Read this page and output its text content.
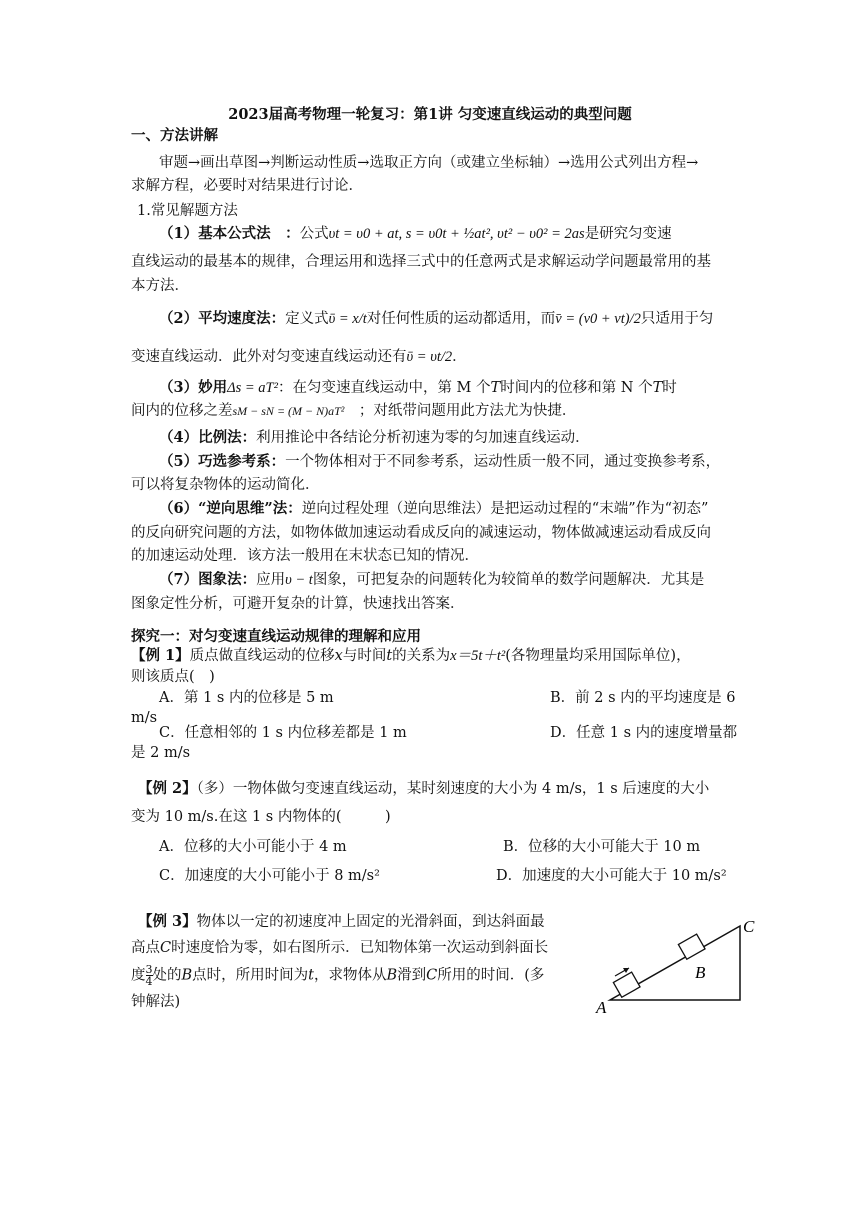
2023届高考物理一轮复习：第1讲 匀变速直线运动的典型问题
一、方法讲解
审题→画出草图→判断运动性质→选取正方向（或建立坐标轴）→选用公式列出方程→
求解方程，必要时对结果进行讨论．
1.常见解题方法
（1）基本公式法　：公式υt = υ0 + at, s = υ0t + ½at², υt² − υ0² = 2as是研究匀变速
直线运动的最基本的规律，合理运用和选择三式中的任意两式是求解运动学问题最常用的基
本方法．
（2）平均速度法：定义式ῡ = x/t对任何性质的运动都适用，而v̄ = (v0 + vt)/2只适用于匀
变速直线运动．此外对匀变速直线运动还有ῡ = υt/2．
（3）妙用Δs = aT²：在匀变速直线运动中，第 M 个T时间内的位移和第 N 个T时
间内的位移之差sM − sN = (M − N)aT²　 ；对纸带问题用此方法尤为快捷．
（4）比例法：利用推论中各结论分析初速为零的匀加速直线运动．
（5）巧选参考系：一个物体相对于不同参考系，运动性质一般不同，通过变换参考系，
可以将复杂物体的运动简化．
（6）“逆向思维”法：逆向过程处理（逆向思维法）是把运动过程的“末端”作为“初态”
的反向研究问题的方法，如物体做加速运动看成反向的减速运动，物体做减速运动看成反向
的加速运动处理．该方法一般用在末状态已知的情况．
（7）图象法：应用υ − t图象，可把复杂的问题转化为较简单的数学问题解决．尤其是
图象定性分析，可避开复杂的计算，快速找出答案．
探究一：对匀变速直线运动规律的理解和应用
【例 1】质点做直线运动的位移x与时间t的关系为x＝5t＋t²(各物理量均采用国际单位)，
则该质点(　)
A．第 1 s 内的位移是 5 m	B．前 2 s 内的平均速度是 6
m/s
C．任意相邻的 1 s 内位移差都是 1 m	D．任意 1 s 内的速度增量都
是 2 m/s
【例 2】（多）一物体做匀变速直线运动，某时刻速度的大小为 4 m/s，1 s 后速度的大小
变为 10 m/s.在这 1 s 内物体的(　　　)
A．位移的大小可能小于 4 m	B．位移的大小可能大于 10 m
C．加速度的大小可能小于 8 m/s²	D．加速度的大小可能大于 10 m/s²
【例 3】物体以一定的初速度冲上固定的光滑斜面，到达斜面最
高点C时速度恰为零，如右图所示．已知物体第一次运动到斜面长
度 $\frac{3}{4}$ 处的B点时，所用时间为t，求物体从B滑到C所用的时间．(多
钟解法)	A
B
C
